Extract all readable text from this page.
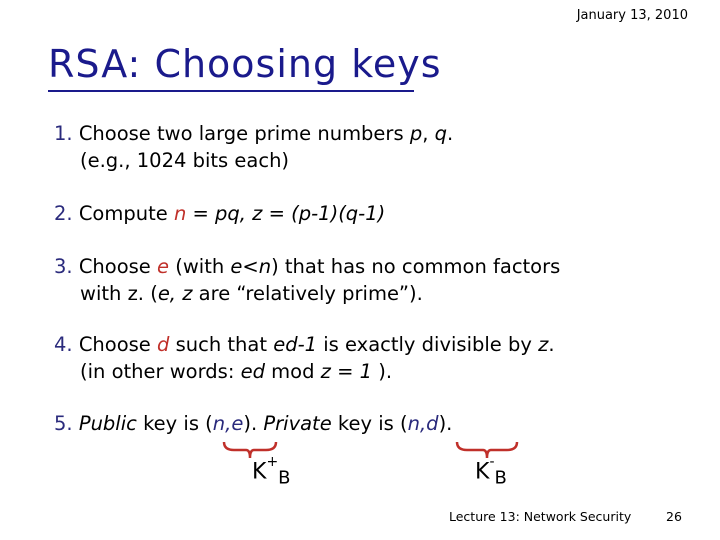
January 13, 2010
RSA: Choosing keys

1. Choose two large prime numbers p, q.
(e.g., 1024 bits each)

2. Compute n = pq, z = (p-1)(q-1)

3. Choose e (with e<n) that has no common factors
with z. (e, z are “relatively prime”).

4. Choose d such that ed-1 is exactly divisible by z.
(in other words: ed mod z = 1 ).

5. Public key is (n,e). Private key is (n,d).

$K^+_B$	$K^-_B$
Lecture 13: Network Security	26
